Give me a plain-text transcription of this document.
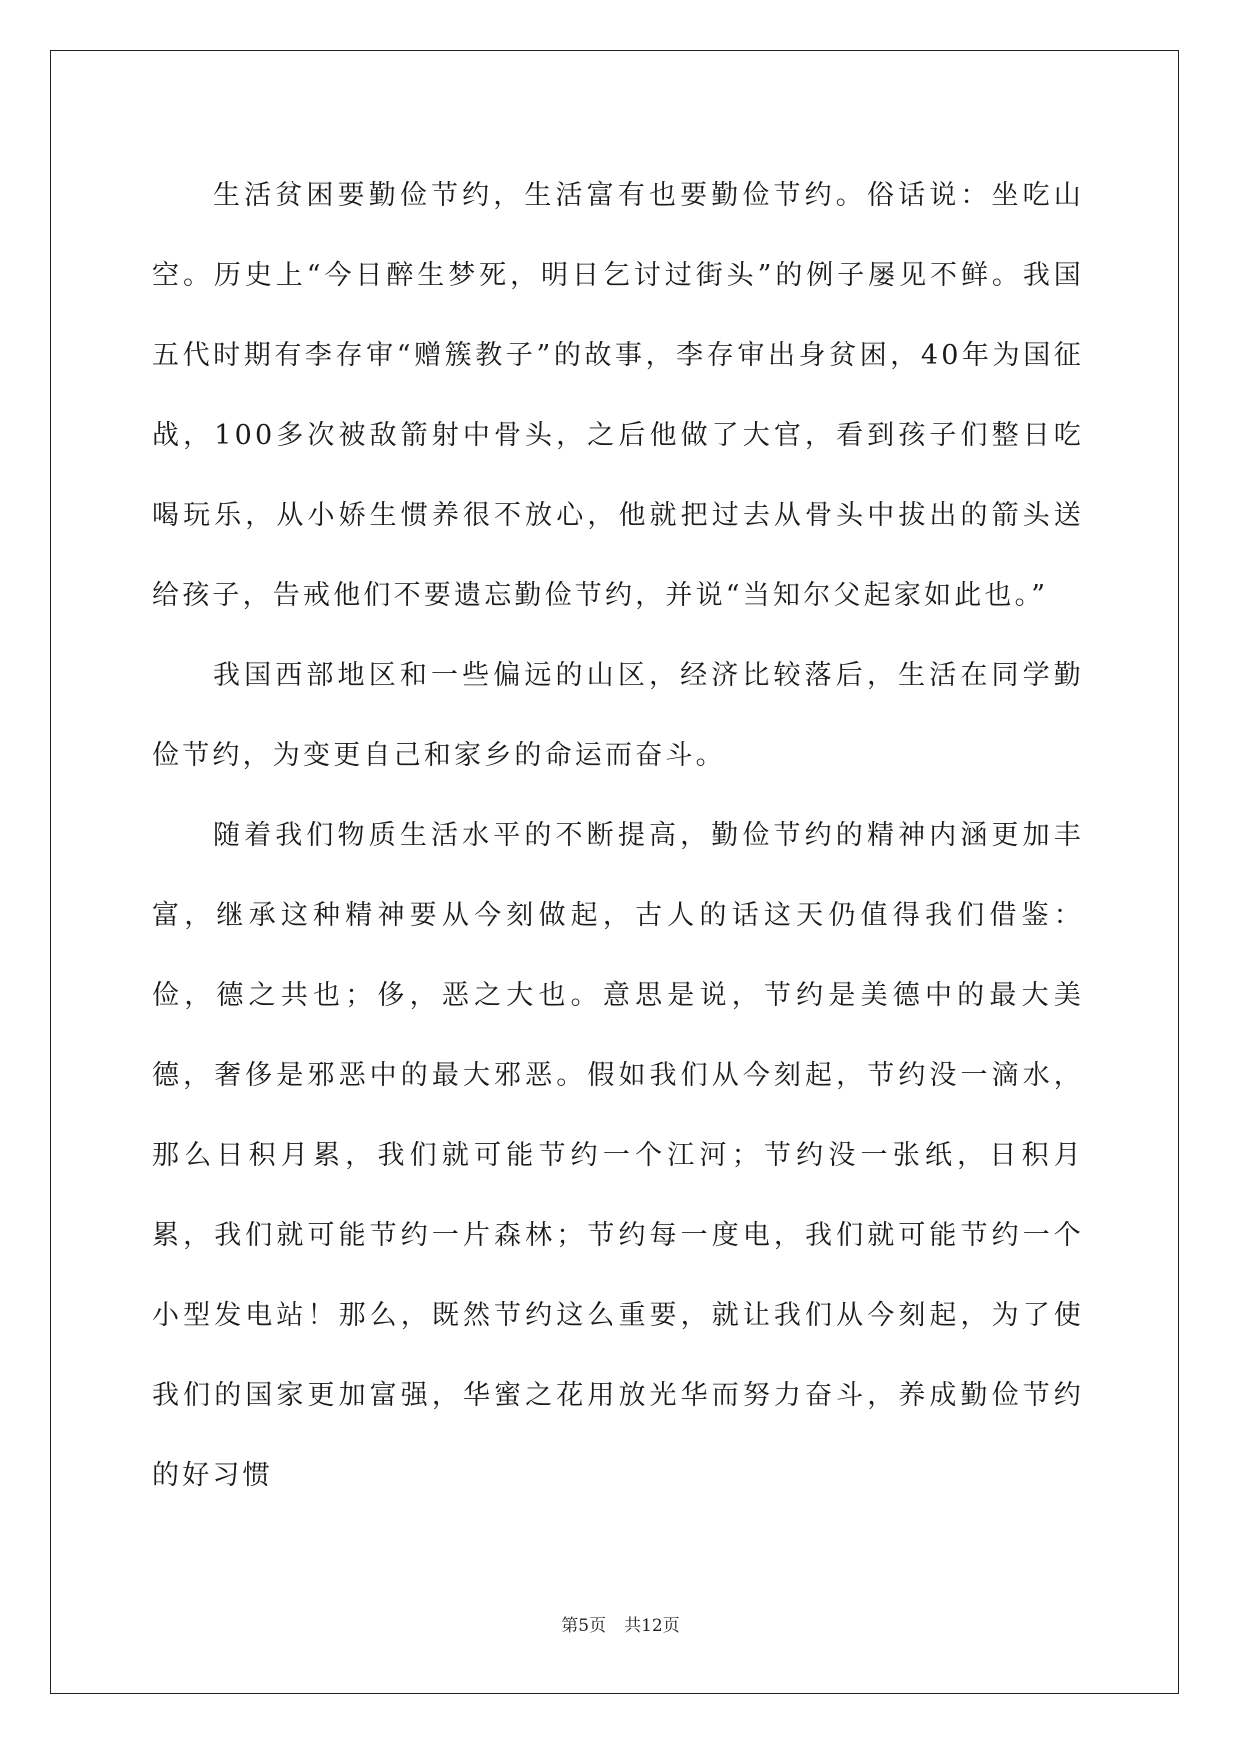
生活贫困要勤俭节约，生活富有也要勤俭节约。俗话说：坐吃山空。历史上“今日醉生梦死，明日乞讨过街头”的例子屡见不鲜。我国五代时期有李存审“赠簇教子”的故事，李存审出身贫困，40年为国征战，100多次被敌箭射中骨头，之后他做了大官，看到孩子们整日吃喝玩乐，从小娇生惯养很不放心，他就把过去从骨头中拔出的箭头送给孩子，告戒他们不要遗忘勤俭节约，并说“当知尔父起家如此也。”

我国西部地区和一些偏远的山区，经济比较落后，生活在同学勤俭节约，为变更自己和家乡的命运而奋斗。

随着我们物质生活水平的不断提高，勤俭节约的精神内涵更加丰富，继承这种精神要从今刻做起，古人的话这天仍值得我们借鉴：俭，德之共也；侈，恶之大也。意思是说，节约是美德中的最大美德，奢侈是邪恶中的最大邪恶。假如我们从今刻起，节约没一滴水，那么日积月累，我们就可能节约一个江河；节约没一张纸，日积月累，我们就可能节约一片森林；节约每一度电，我们就可能节约一个小型发电站！那么，既然节约这么重要，就让我们从今刻起，为了使我们的国家更加富强，华蜜之花用放光华而努力奋斗，养成勤俭节约的好习惯

第5页 共12页
